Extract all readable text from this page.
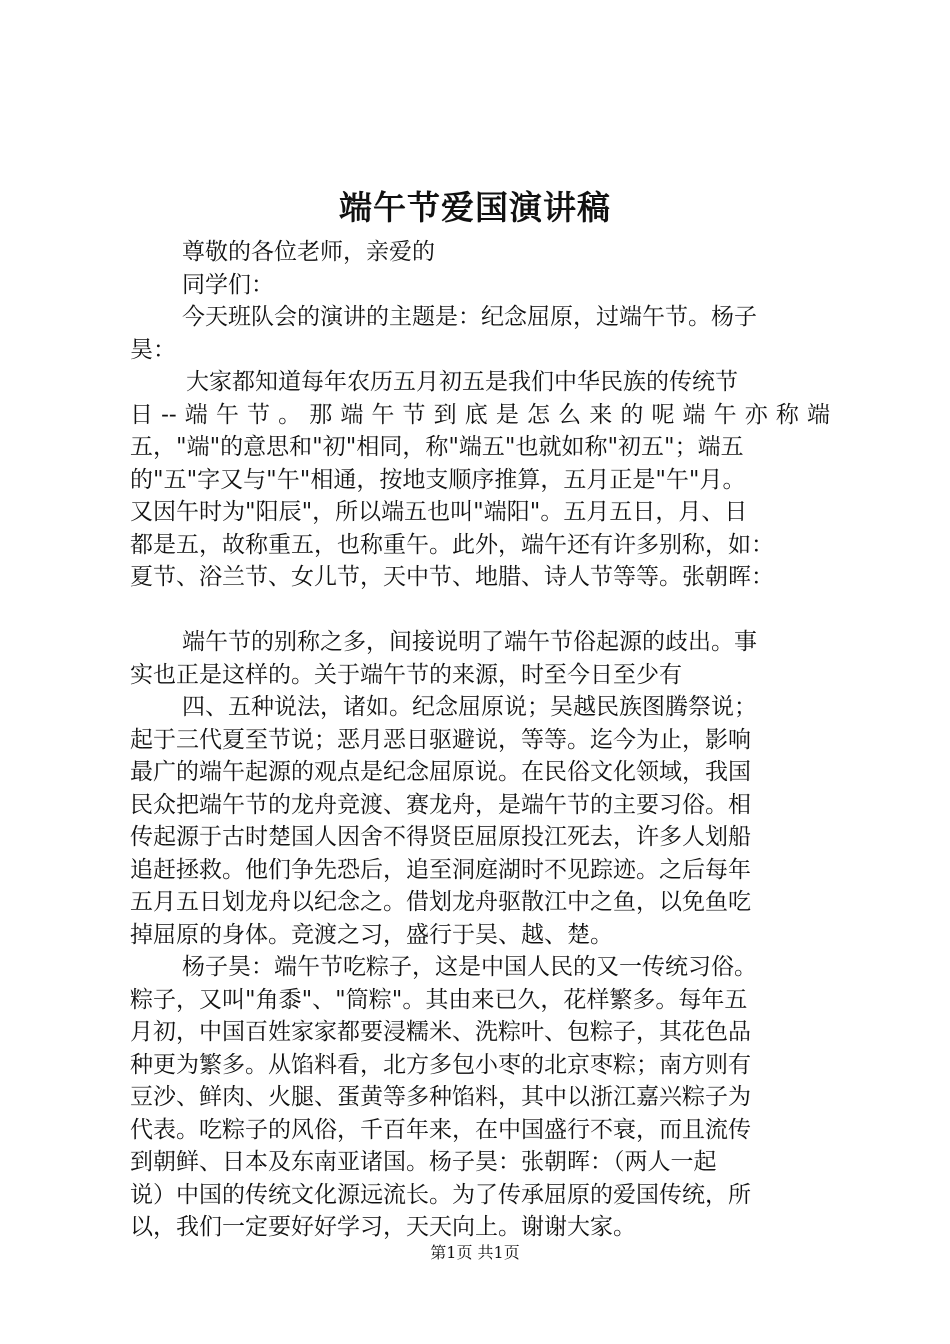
端午节爱国演讲稿
尊敬的各位老师，亲爱的
同学们：
今天班队会的演讲的主题是：纪念屈原，过端午节。杨子
昊：
大家都知道每年农历五月初五是我们中华民族的传统节
日--端午节。那端午节到底是怎么来的呢端午亦称端
五，"端"的意思和"初"相同，称"端五"也就如称"初五"；端五
的"五"字又与"午"相通，按地支顺序推算，五月正是"午"月。
又因午时为"阳辰"，所以端五也叫"端阳"。五月五日，月、日
都是五，故称重五，也称重午。此外，端午还有许多别称，如：
夏节、浴兰节、女儿节，天中节、地腊、诗人节等等。张朝晖：
端午节的别称之多，间接说明了端午节俗起源的歧出。事
实也正是这样的。关于端午节的来源，时至今日至少有
四、五种说法，诸如。纪念屈原说；吴越民族图腾祭说；
起于三代夏至节说；恶月恶日驱避说，等等。迄今为止，影响
最广的端午起源的观点是纪念屈原说。在民俗文化领域，我国
民众把端午节的龙舟竞渡、赛龙舟，是端午节的主要习俗。相
传起源于古时楚国人因舍不得贤臣屈原投江死去，许多人划船
追赶拯救。他们争先恐后，追至洞庭湖时不见踪迹。之后每年
五月五日划龙舟以纪念之。借划龙舟驱散江中之鱼，以免鱼吃
掉屈原的身体。竞渡之习，盛行于吴、越、楚。
杨子昊：端午节吃粽子，这是中国人民的又一传统习俗。
粽子，又叫"角黍"、"筒粽"。其由来已久，花样繁多。每年五
月初，中国百姓家家都要浸糯米、洗粽叶、包粽子，其花色品
种更为繁多。从馅料看，北方多包小枣的北京枣粽；南方则有
豆沙、鲜肉、火腿、蛋黄等多种馅料，其中以浙江嘉兴粽子为
代表。吃粽子的风俗，千百年来，在中国盛行不衰，而且流传
到朝鲜、日本及东南亚诸国。杨子昊：张朝晖：（两人一起
说）中国的传统文化源远流长。为了传承屈原的爱国传统，所
以，我们一定要好好学习，天天向上。谢谢大家。
第1页 共1页
